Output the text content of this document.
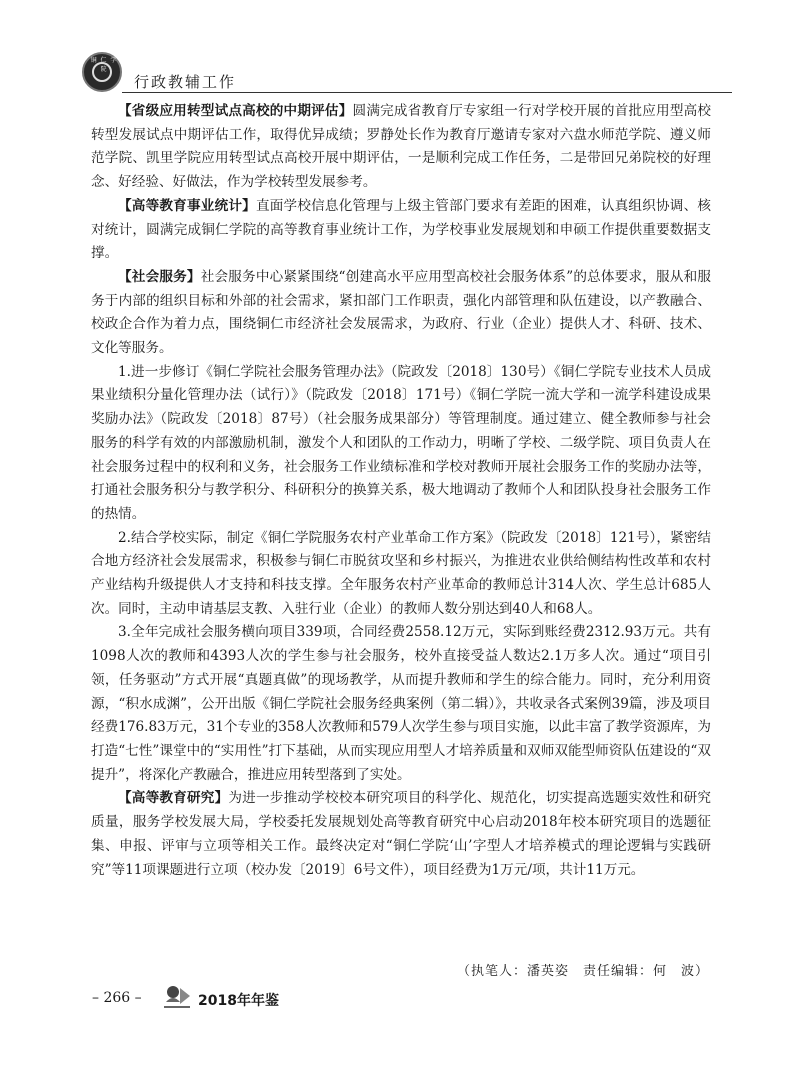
铜 仁 学 院
行政教辅工作

【省级应用转型试点高校的中期评估】圆满完成省教育厅专家组一行对学校开展的首批应用型高校转型发展试点中期评估工作，取得优异成绩；罗静处长作为教育厅邀请专家对六盘水师范学院、遵义师范学院、凯里学院应用转型试点高校开展中期评估，一是顺利完成工作任务，二是带回兄弟院校的好理念、好经验、好做法，作为学校转型发展参考。

【高等教育事业统计】直面学校信息化管理与上级主管部门要求有差距的困难，认真组织协调、核对统计，圆满完成铜仁学院的高等教育事业统计工作，为学校事业发展规划和申硕工作提供重要数据支撑。

【社会服务】社会服务中心紧紧围绕“创建高水平应用型高校社会服务体系”的总体要求，服从和服务于内部的组织目标和外部的社会需求，紧扣部门工作职责，强化内部管理和队伍建设，以产教融合、校政企合作为着力点，围绕铜仁市经济社会发展需求，为政府、行业（企业）提供人才、科研、技术、文化等服务。

1.进一步修订《铜仁学院社会服务管理办法》（院政发〔2018〕130号）《铜仁学院专业技术人员成果业绩积分量化管理办法（试行）》（院政发〔2018〕171号）《铜仁学院一流大学和一流学科建设成果奖励办法》（院政发〔2018〕87号）（社会服务成果部分）等管理制度。通过建立、健全教师参与社会服务的科学有效的内部激励机制，激发个人和团队的工作动力，明晰了学校、二级学院、项目负责人在社会服务过程中的权利和义务，社会服务工作业绩标准和学校对教师开展社会服务工作的奖励办法等，打通社会服务积分与教学积分、科研积分的换算关系，极大地调动了教师个人和团队投身社会服务工作的热情。

2.结合学校实际，制定《铜仁学院服务农村产业革命工作方案》（院政发〔2018〕121号），紧密结合地方经济社会发展需求，积极参与铜仁市脱贫攻坚和乡村振兴，为推进农业供给侧结构性改革和农村产业结构升级提供人才支持和科技支撑。全年服务农村产业革命的教师总计314人次、学生总计685人次。同时，主动申请基层支教、入驻行业（企业）的教师人数分别达到40人和68人。

3.全年完成社会服务横向项目339项，合同经费2558.12万元，实际到账经费2312.93万元。共有1098人次的教师和4393人次的学生参与社会服务，校外直接受益人数达2.1万多人次。通过“项目引领，任务驱动”方式开展“真题真做”的现场教学，从而提升教师和学生的综合能力。同时，充分利用资源，“积水成渊”，公开出版《铜仁学院社会服务经典案例（第二辑）》，共收录各式案例39篇，涉及项目经费176.83万元，31个专业的358人次教师和579人次学生参与项目实施，以此丰富了教学资源库，为打造“七性”课堂中的“实用性”打下基础，从而实现应用型人才培养质量和双师双能型师资队伍建设的“双提升”，将深化产教融合，推进应用转型落到了实处。

【高等教育研究】为进一步推动学校校本研究项目的科学化、规范化，切实提高选题实效性和研究质量，服务学校发展大局，学校委托发展规划处高等教育研究中心启动2018年校本研究项目的选题征集、申报、评审与立项等相关工作。最终决定对“铜仁学院‘山’字型人才培养模式的理论逻辑与实践研究”等11项课题进行立项（校办发〔2019〕6号文件），项目经费为1万元/项，共计11万元。

（执笔人：潘英姿　责任编辑：何　波）
– 266 –	2018年年鉴
